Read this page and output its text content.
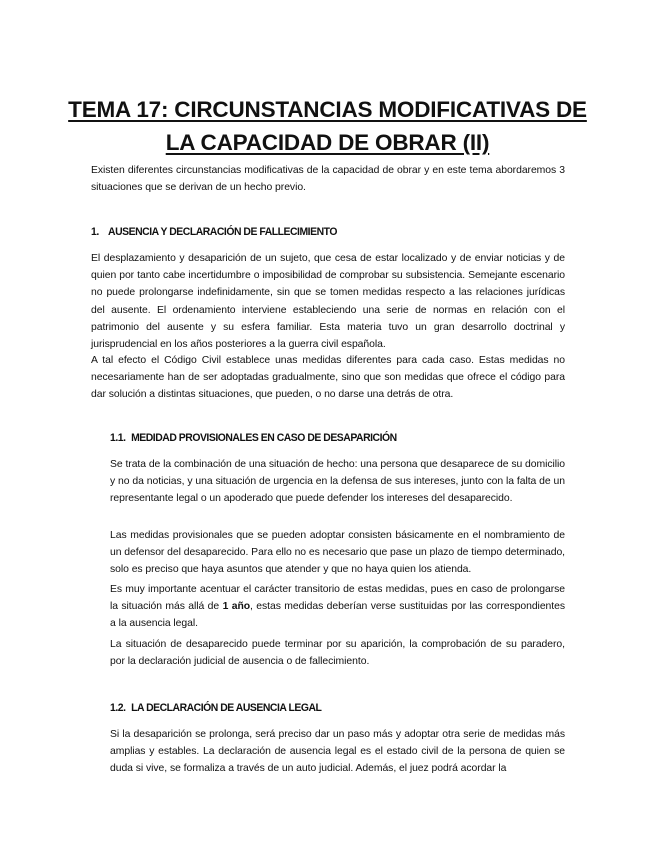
TEMA 17: CIRCUNSTANCIAS MODIFICATIVAS DE LA CAPACIDAD DE OBRAR (II)

Existen diferentes circunstancias modificativas de la capacidad de obrar y en este tema abordaremos 3 situaciones que se derivan de un hecho previo.

1. AUSENCIA Y DECLARACIÓN DE FALLECIMIENTO

El desplazamiento y desaparición de un sujeto, que cesa de estar localizado y de enviar noticias y de quien por tanto cabe incertidumbre o imposibilidad de comprobar su subsistencia. Semejante escenario no puede prolongarse indefinidamente, sin que se tomen medidas respecto a las relaciones jurídicas del ausente. El ordenamiento interviene estableciendo una serie de normas en relación con el patrimonio del ausente y su esfera familiar. Esta materia tuvo un gran desarrollo doctrinal y jurisprudencial en los años posteriores a la guerra civil española.

A tal efecto el Código Civil establece unas medidas diferentes para cada caso. Estas medidas no necesariamente han de ser adoptadas gradualmente, sino que son medidas que ofrece el código para dar solución a distintas situaciones, que pueden, o no darse una detrás de otra.

1.1. MEDIDAD PROVISIONALES EN CASO DE DESAPARICIÓN

Se trata de la combinación de una situación de hecho: una persona que desaparece de su domicilio y no da noticias, y una situación de urgencia en la defensa de sus intereses, junto con la falta de un representante legal o un apoderado que puede defender los intereses del desaparecido.

Las medidas provisionales que se pueden adoptar consisten básicamente en el nombramiento de un defensor del desaparecido. Para ello no es necesario que pase un plazo de tiempo determinado, solo es preciso que haya asuntos que atender y que no haya quien los atienda.

Es muy importante acentuar el carácter transitorio de estas medidas, pues en caso de prolongarse la situación más allá de 1 año, estas medidas deberían verse sustituidas por las correspondientes a la ausencia legal.

La situación de desaparecido puede terminar por su aparición, la comprobación de su paradero, por la declaración judicial de ausencia o de fallecimiento.

1.2. LA DECLARACIÓN DE AUSENCIA LEGAL

Si la desaparición se prolonga, será preciso dar un paso más y adoptar otra serie de medidas más amplias y estables. La declaración de ausencia legal es el estado civil de la persona de quien se duda si vive, se formaliza a través de un auto judicial. Además, el juez podrá acordar la
